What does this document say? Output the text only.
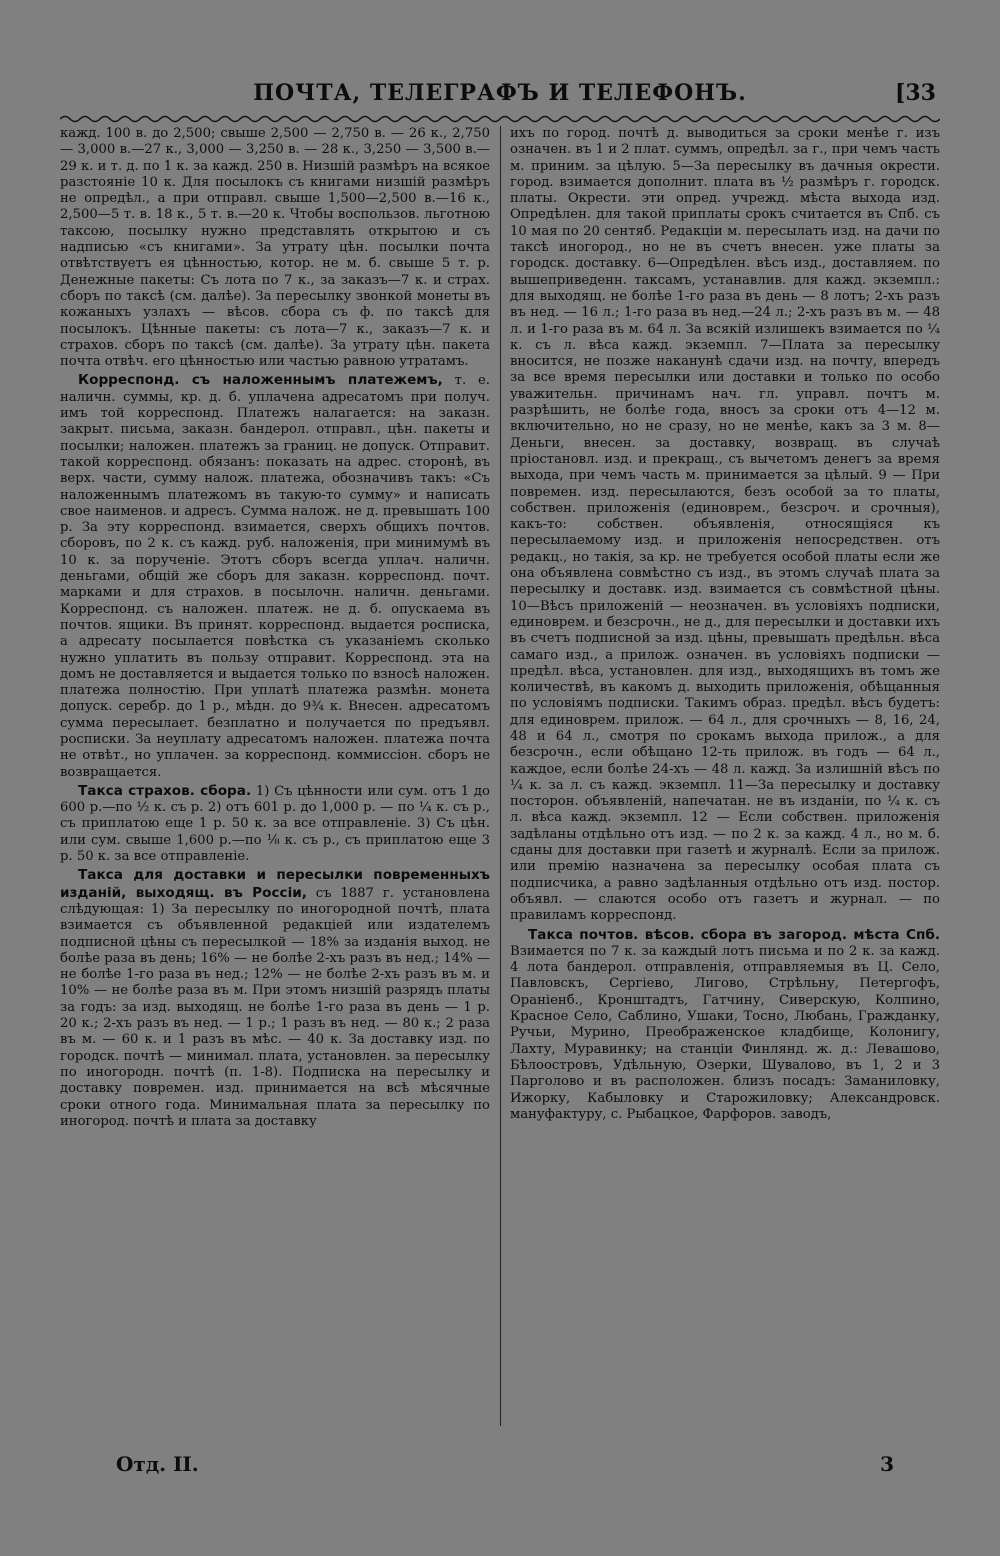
ПОЧТА, ТЕЛЕГРАФЪ И ТЕЛЕФОНЪ.	[33

кажд. 100 в. до 2,500; свыше 2,500 — 2,750 в. — 26 к., 2,750 — 3,000 в.—27 к., 3,000 — 3,250 в. — 28 к., 3,250 — 3,500 в.—29 к. и т. д. по 1 к. за кажд. 250 в. Низшій размѣръ на всякое разстояніе 10 к. Для посылокъ съ книгами низшій размѣръ не опредѣл., а при отправл. свыше 1,500—2,500 в.—16 к., 2,500—5 т. в. 18 к., 5 т. в.—20 к. Чтобы воспользов. льготною таксою, посылку нужно представлять открытою и съ надписью «съ книгами». За утрату цѣн. посылки почта отвѣтствуетъ ея цѣнностью, котор. не м. б. свыше 5 т. р. Денежные пакеты: Съ лота по 7 к., за заказъ—7 к. и страх. сборъ по таксѣ (см. далѣе). За пересылку звонкой монеты въ кожаныхъ узлахъ — вѣсов. сбора съ ф. по таксѣ для посылокъ. Цѣнные пакеты: съ лота—7 к., заказъ—7 к. и страхов. сборъ по таксѣ (см. далѣе). За утрату цѣн. пакета почта отвѣч. его цѣнностью или частью равною утратамъ.

Корреспонд. съ наложеннымъ платежемъ, т. е. наличн. суммы, кр. д. б. уплачена адресатомъ при получ. имъ той корреспонд. Платежъ налагается: на заказн. закрыт. письма, заказн. бандерол. отправл., цѣн. пакеты и посылки; наложен. платежъ за границ. не допуск. Отправит. такой корреспонд. обязанъ: показать на адрес. сторонѣ, въ верх. части, сумму налож. платежа, обозначивъ такъ: «Съ наложеннымъ платежомъ въ такую-то сумму» и написать свое наименов. и адресъ. Сумма налож. не д. превышать 100 р. За эту корреспонд. взимается, сверхъ общихъ почтов. сборовъ, по 2 к. съ кажд. руб. наложенія, при минимумѣ въ 10 к. за порученіе. Этотъ сборъ всегда уплач. наличн. деньгами, общій же сборъ для заказн. корреспонд. почт. марками и для страхов. в посылочн. наличн. деньгами. Корреспонд. съ наложен. платеж. не д. б. опускаема въ почтов. ящики. Въ принят. корреспонд. выдается росписка, а адресату посылается повѣстка съ указаніемъ сколько нужно уплатить въ пользу отправит. Корреспонд. эта на домъ не доставляется и выдается только по взносѣ наложен. платежа полностію. При уплатѣ платежа размѣн. монета допуск. серебр. до 1 р., мѣдн. до 9¾ к. Внесен. адресатомъ сумма пересылает. безплатно и получается по предъявл. росписки. За неуплату адресатомъ наложен. платежа почта не отвѣт., но уплачен. за корреспонд. коммиссіон. сборъ не возвращается.

Такса страхов. сбора. 1) Съ цѣнности или сум. отъ 1 до 600 р.—по ½ к. съ р. 2) отъ 601 р. до 1,000 р. — по ¼ к. съ р., съ приплатою еще 1 р. 50 к. за все отправленіе. 3) Съ цѣн. или сум. свыше 1,600 р.—по ⅛ к. съ р., съ приплатою еще 3 р. 50 к. за все отправленіе.

Такса для доставки и пересылки повременныхъ изданій, выходящ. въ Россіи, съ 1887 г. установлена слѣдующая: 1) За пересылку по иногородной почтѣ, плата взимается съ объявленной редакціей или издателемъ подписной цѣны съ пересылкой — 18% за изданія выход. не болѣе раза въ день; 16% — не болѣе 2-хъ разъ въ нед.; 14% — не болѣе 1-го раза въ нед.; 12% — не болѣе 2-хъ разъ въ м. и 10% — не болѣе раза въ м. При этомъ низшій разрядъ платы за годъ: за изд. выходящ. не болѣе 1-го раза въ день — 1 р. 20 к.; 2-хъ разъ въ нед. — 1 р.; 1 разъ въ нед. — 80 к.; 2 раза въ м. — 60 к. и 1 разъ въ мѣс. — 40 к. За доставку изд. по городск. почтѣ — минимал. плата, установлен. за пересылку по иногородн. почтѣ (п. 1-8). Подписка на пересылку и доставку повремен. изд. принимается на всѣ мѣсячные сроки отного года. Минимальная плата за пересылку по иногород. почтѣ и плата за доставку

ихъ по город. почтѣ д. выводиться за сроки менѣе г. изъ означен. въ 1 и 2 плат. суммъ, опредѣл. за г., при чемъ часть м. приним. за цѣлую. 5—За пересылку въ дачныя окрести. город. взимается дополнит. плата въ ½ размѣръ г. городск. платы. Окрести. эти опред. учрежд. мѣста выхода изд. Опредѣлен. для такой приплаты срокъ считается въ Спб. съ 10 мая по 20 сентяб. Редакціи м. пересылать изд. на дачи по таксѣ иногород., но не въ счетъ внесен. уже платы за городск. доставку. 6—Опредѣлен. вѣсъ изд., доставляем. по вышеприведенн. таксамъ, устанавлив. для кажд. экземпл.: для выходящ. не болѣе 1-го раза въ день — 8 лотъ; 2-хъ разъ въ нед. — 16 л.; 1-го раза въ нед.—24 л.; 2-хъ разъ въ м. — 48 л. и 1-го раза въ м. 64 л. За всякій излишекъ взимается по ¼ к. съ л. вѣса кажд. экземпл. 7—Плата за пересылку вносится, не позже наканунѣ сдачи изд. на почту, впередъ за все время пересылки или доставки и только по особо уважительн. причинамъ нач. гл. управл. почтъ м. разрѣшить, не болѣе года, вносъ за сроки отъ 4—12 м. включительно, но не сразу, но не менѣе, какъ за 3 м. 8—Деньги, внесен. за доставку, возвращ. въ случаѣ пріостановл. изд. и прекращ., съ вычетомъ денегъ за время выхода, при чемъ часть м. принимается за цѣлый. 9 — При повремен. изд. пересылаются, безъ особой за то платы, собствен. приложенія (единоврем., безсроч. и срочныя), какъ-то: собствен. объявленія, относящіяся къ пересылаемому изд. и приложенія непосредствен. отъ редакц., но такія, за кр. не требуется особой платы если же она объявлена совмѣстно съ изд., въ этомъ случаѣ плата за пересылку и доставк. изд. взимается съ совмѣстной цѣны. 10—Вѣсъ приложеній — неозначен. въ условіяхъ подписки, единоврем. и безсрочн., не д., для пересылки и доставки ихъ въ счетъ подписной за изд. цѣны, превышать предѣльн. вѣса самаго изд., а прилож. означен. въ условіяхъ подписки — предѣл. вѣса, установлен. для изд., выходящихъ въ томъ же количествѣ, въ какомъ д. выходить приложенія, обѣщанныя по условіямъ подписки. Такимъ образ. предѣл. вѣсъ будетъ: для единоврем. прилож. — 64 л., для срочныхъ — 8, 16, 24, 48 и 64 л., смотря по срокамъ выхода прилож., а для безсрочн., если обѣщано 12-ть прилож. въ годъ — 64 л., каждое, если болѣе 24-хъ — 48 л. кажд. За излишній вѣсъ по ¼ к. за л. съ кажд. экземпл. 11—За пересылку и доставку посторон. объявленій, напечатан. не въ изданіи, по ¼ к. съ л. вѣса кажд. экземпл. 12 — Если собствен. приложенія задѣланы отдѣльно отъ изд. — по 2 к. за кажд. 4 л., но м. б. сданы для доставки при газетѣ и журналѣ. Если за прилож. или премію назначена за пересылку особая плата съ подписчика, а равно задѣланныя отдѣльно отъ изд. постор. объявл. — слаются особо отъ газетъ и журнал. — по правиламъ корреспонд.

Такса почтов. вѣсов. сбора въ загород. мѣста Спб. Взимается по 7 к. за каждый лотъ письма и по 2 к. за кажд. 4 лота бандерол. отправленія, отправляемыя въ Ц. Село, Павловскъ, Сергіево, Лигово, Стрѣльну, Петергофъ, Ораніенб., Кронштадтъ, Гатчину, Сиверскую, Колпино, Красное Село, Саблино, Ушаки, Тосно, Любань, Гражданку, Ручьи, Мурино, Преображенское кладбище, Колонигу, Лахту, Муравинку; на станціи Финлянд. ж. д.: Левашово, Бѣлоостровъ, Удѣльную, Озерки, Шувалово, въ 1, 2 и 3 Парголово и въ расположен. близъ посадъ: Заманиловку, Ижорку, Кабыловку и Старожиловку; Александровск. мануфактуру, с. Рыбацкое, Фарфоров. заводъ,

Отд. II.	3
